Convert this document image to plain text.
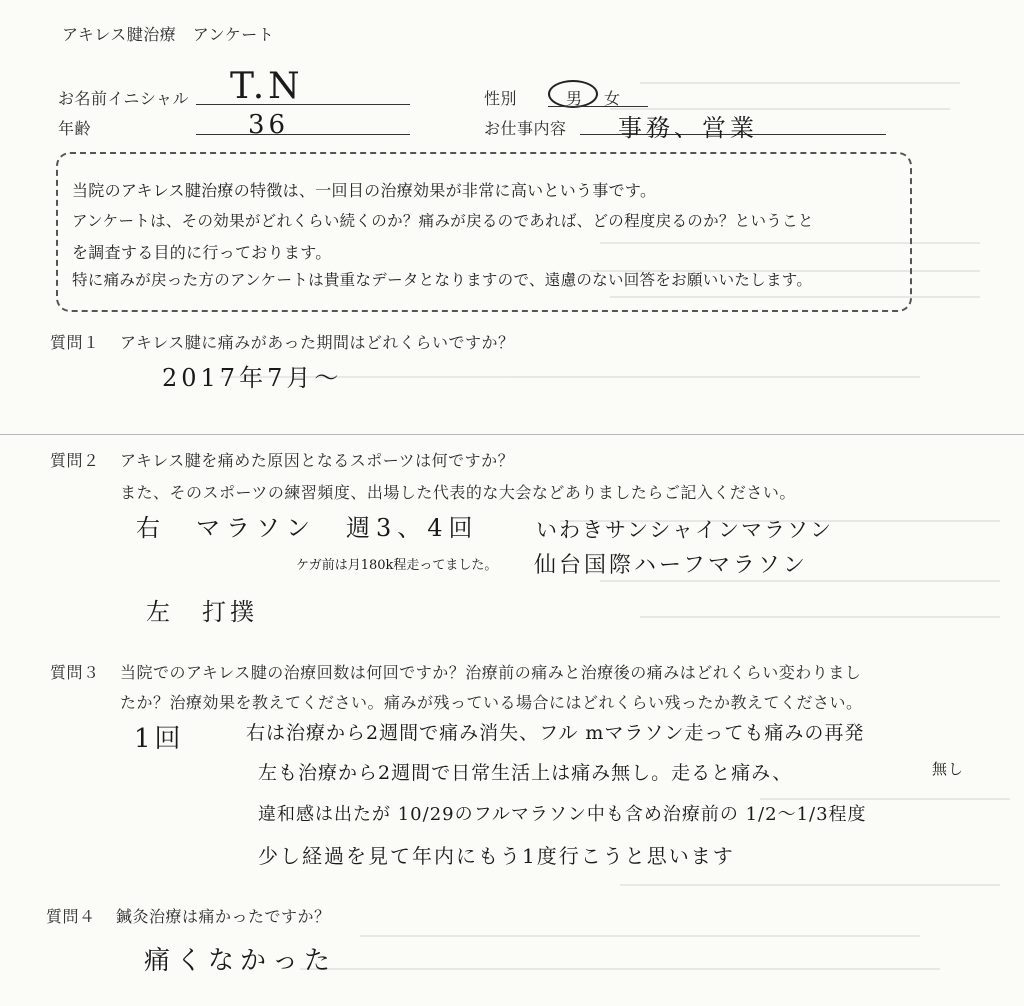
アキレス腱治療　アンケート
お名前イニシャル T.N	性別	男 女
年齢	36	お仕事内容 事務、営業
当院のアキレス腱治療の特徴は、一回目の治療効果が非常に高いという事です。
アンケートは、その効果がどれくらい続くのか？痛みが戻るのであれば、どの程度戻るのか？ということ
を調査する目的に行っております。
特に痛みが戻った方のアンケートは貴重なデータとなりますので、遠慮のない回答をお願いいたします。
質問１ アキレス腱に痛みがあった期間はどれくらいですか？
2017年7月〜
質問２ アキレス腱を痛めた原因となるスポーツは何ですか？
また、そのスポーツの練習頻度、出場した代表的な大会などありましたらご記入ください。
右　マラソン　週3、4回	いわきサンシャインマラソン
ケガ前は月180k程走ってました。 仙台国際ハーフマラソン
左　打撲
質問３ 当院でのアキレス腱の治療回数は何回ですか？治療前の痛みと治療後の痛みはどれくらい変わりまし
たか？治療効果を教えてください。痛みが残っている場合にはどれくらい残ったか教えてください。
1回	右は治療から2週間で痛み消失、フル mマラソン走っても痛みの再発
無し
左も治療から2週間で日常生活上は痛み無し。走ると痛み、
違和感は出たが 10/29のフルマラソン中も含め治療前の 1/2〜1/3程度
少し経過を見て年内にもう1度行こうと思います
質問４ 鍼灸治療は痛かったですか？
痛くなかった
